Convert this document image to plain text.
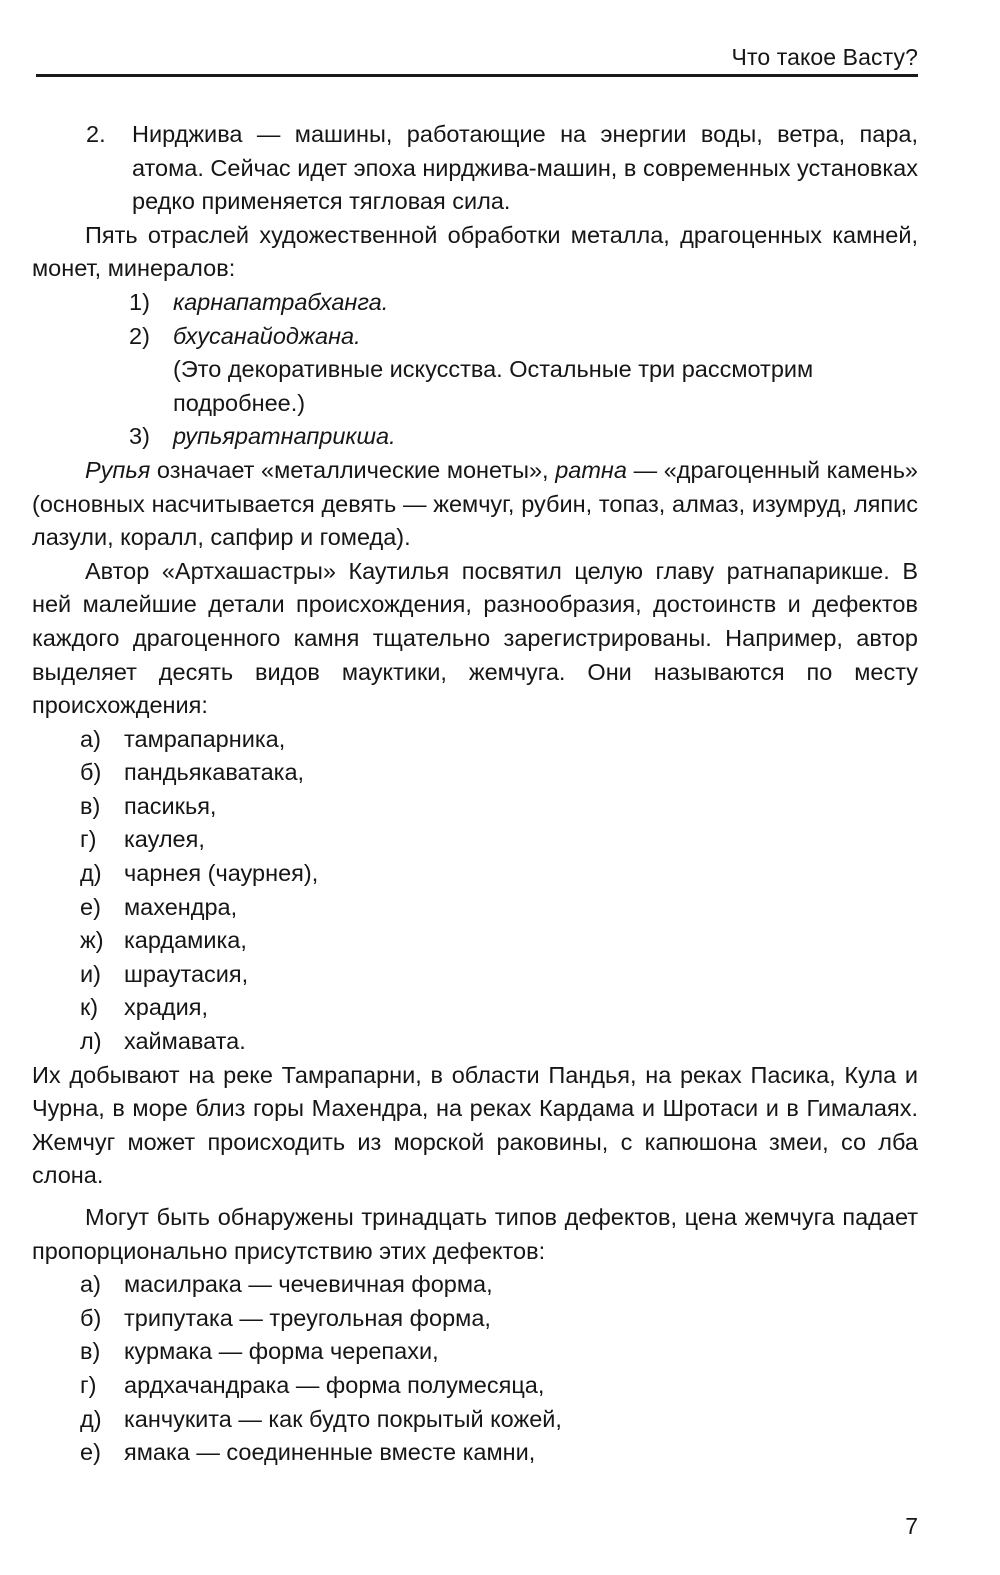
Что такое Васту?
2. Нирджива — машины, работающие на энергии воды, ветра, пара, атома. Сейчас идет эпоха нирджива-машин, в современных установках редко применяется тягловая сила.

Пять отраслей художественной обработки металла, драгоценных камней, монет, минералов:

1) карнапатрабханга.
2) бхусанайоджана.

(Это декоративные искусства. Остальные три рассмотрим подробнее.)

3) рупьяратнаприкша.

Рупья означает «металлические монеты», ратна — «драгоценный камень» (основных насчитывается девять — жемчуг, рубин, топаз, алмаз, изумруд, ляпис лазули, коралл, сапфир и гомеда).

Автор «Артхашастры» Каутилья посвятил целую главу ратнапарикше. В ней малейшие детали происхождения, разнообразия, достоинств и дефектов каждого драгоценного камня тщательно зарегистрированы. Например, автор выделяет десять видов мауктики, жемчуга. Они называются по месту происхождения:

а) тамрапарника,
б) пандьякаватака,
в) пасикья,
г) каулея,
д) чарнея (чаурнея),
е) махендра,
ж) кардамика,
и) шраутасия,
к) храдия,
л) хаймавата.

Их добывают на реке Тамрапарни, в области Пандья, на реках Пасика, Кула и Чурна, в море близ горы Махендра, на реках Кардама и Шротаси и в Гималаях. Жемчуг может происходить из морской раковины, с капюшона змеи, со лба слона.

Могут быть обнаружены тринадцать типов дефектов, цена жемчуга падает пропорционально присутствию этих дефектов:

а) масилрака — чечевичная форма,
б) трипутака — треугольная форма,
в) курмака — форма черепахи,
г) ардхачандрака — форма полумесяца,
д) канчукита — как будто покрытый кожей,
е) ямака — соединенные вместе камни,
7
